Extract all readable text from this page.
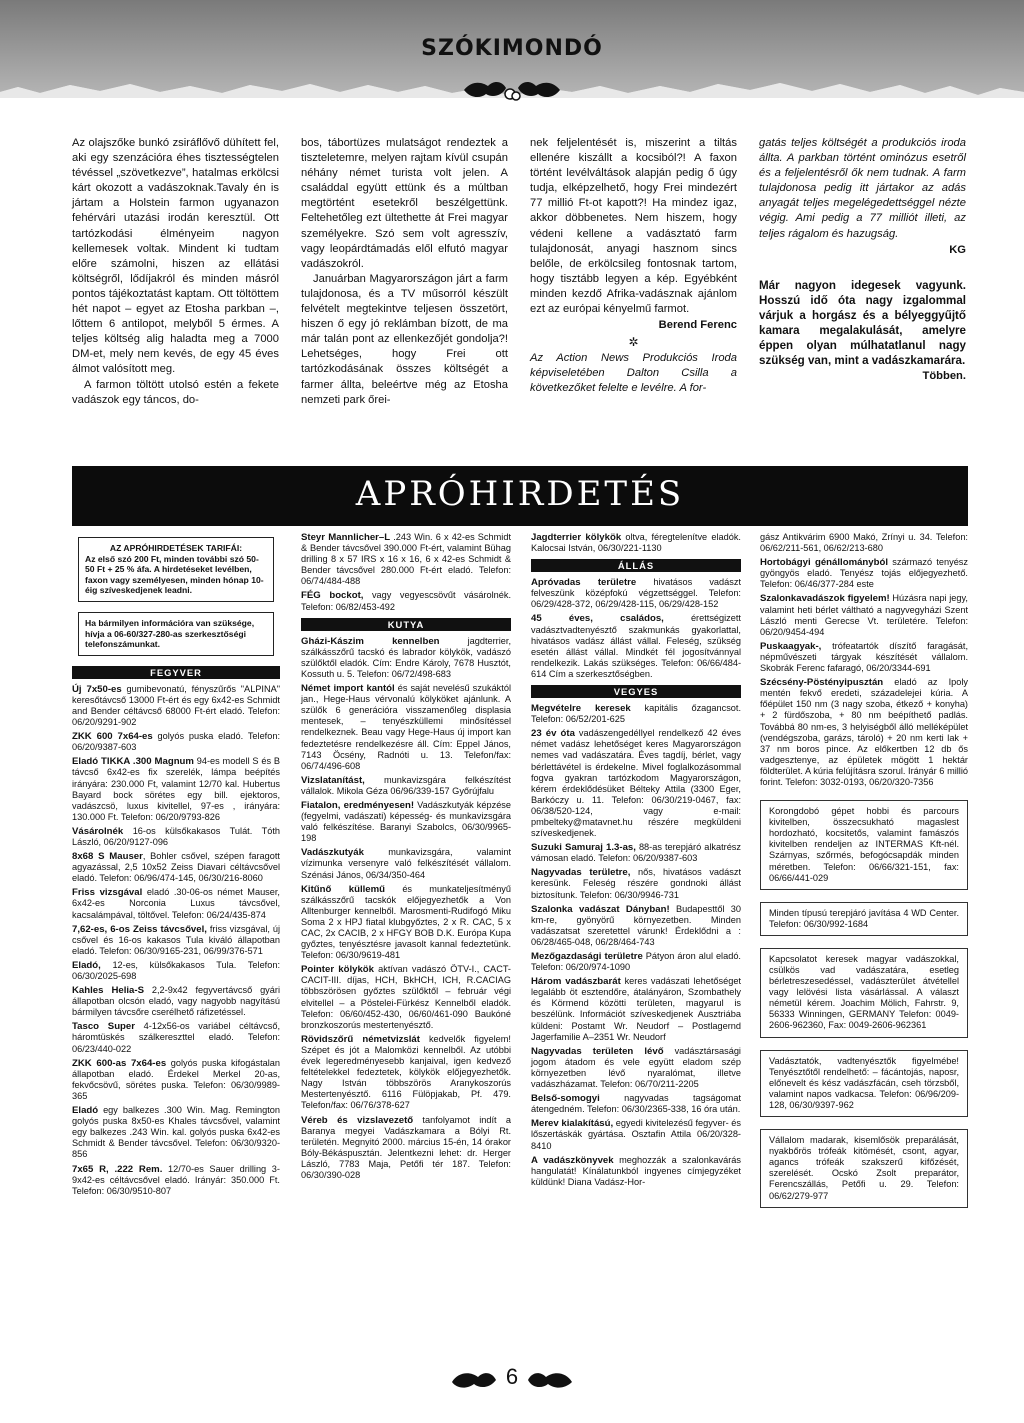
SZÓKIMONDÓ

Az olajszőke bunkó zsiráflővő dühített fel, aki egy szenzációra éhes tisztességtelen tévéssel „szövetkezve”, hatalmas erkölcsi kárt okozott a vadászoknak.Tavaly én is jártam a Holstein farmon ugyanazon fehérvári utazási irodán keresztül. Ott tartózkodási élményeim nagyon kellemesek voltak. Mindent ki tudtam előre számolni, hiszen az ellátási költségről, lődíjakról és minden másról pontos tájékoztatást kaptam. Ott töltöttem hét napot – egyet az Etosha parkban –, lőttem 6 antilopot, melyből 5 érmes. A teljes költség alig haladta meg a 7000 DM-et, mely nem kevés, de egy 45 éves álmot valósított meg.

A farmon töltött utolsó estén a fekete vadászok egy táncos, do-

bos, tábortüzes mulatságot rendeztek a tiszteletemre, melyen rajtam kívül csupán néhány német turista volt jelen. A családdal együtt ettünk és a múltban megtörtént esetekről beszélgettünk. Feltehetőleg ezt ültethette át Frei magyar személyekre. Szó sem volt agresszív, vagy leopárdtámadás elől elfutó magyar vadászokról.

Januárban Magyarországon járt a farm tulajdonosa, és a TV műsorról készült felvételt megtekintve teljesen összetört, hiszen ő egy jó reklámban bízott, de ma már talán pont az ellenkezőjét gondolja?! Lehetséges, hogy Frei ott tartózkodásának összes költségét a farmer állta, beleértve még az Etosha nemzeti park őrei-

nek feljelentését is, miszerint a tiltás ellenére kiszállt a kocsiból?! A faxon történt levélváltások alapján pedig ő úgy tudja, elképzelhető, hogy Frei mindezért 77 millió Ft-ot kapott?! Ha mindez igaz, akkor döbbenetes. Nem hiszem, hogy védeni kellene a vadásztató farm tulajdonosát, anyagi hasznom sincs belőle, de erkölcsileg fontosnak tartom, hogy tisztább legyen a kép. Egyébként minden kezdő Afrika-vadásznak ajánlom ezt az európai kényelmű farmot.

Berend Ferenc
✲

Az Action News Produkciós Iroda képviseletében Dalton Csilla a következőket felelte e levélre. A for-

gatás teljes költségét a produkciós iroda állta. A parkban történt ominózus esetről és a feljelentésről ők nem tudnak. A farm tulajdonosa pedig itt jártakor az adás anyagát teljes megelégedettséggel nézte végig. Ami pedig a 77 milliót illeti, az teljes rágalom és hazugság.

KG

Már nagyon idegesek vagyunk. Hosszú idő óta nagy izgalommal várjuk a horgász és a bélyeggyűjtő kamara megalakulását, amelyre éppen olyan múlhatatlanul nagy szükség van, mint a vadászkamarára.

Többen.
APRÓHIRDETÉS
AZ APRÓHIRDETÉSEK TARIFÁI:
Az első szó 200 Ft, minden további szó 50-50 Ft + 25 % áfa. A hirdetéseket levélben, faxon vagy személyesen, minden hónap 10-éig szíveskedjenek leadni.
Ha bármilyen információra van szüksége, hívja a 06-60/327-280-as szerkesztőségi telefonszámunkat.
FEGYVER
Új 7x50-es gumibevonatú, fényszűrős "ALPINA" keresőtávcső 13000 Ft-ért és egy 6x42-es Schmidt and Bender céltávcső 68000 Ft-ért eladó. Telefon: 06/20/9291-902
ZKK 600 7x64-es golyós puska eladó. Telefon: 06/20/9387-603
Eladó TIKKA .300 Magnum 94-es modell S és B távcső 6x42-es fix szerelék, lámpa beépítés irányára: 230.000 Ft, valamint 12/70 kal. Hubertus Bayard bock sörétes egy bill. ejektoros, vadászcsö, luxus kivitellel, 97-es , irányára: 130.000 Ft. Telefon: 06/20/9793-826
Vásárolnék 16-os külsőkakasos Tulát. Tóth László, 06/20/9127-096
8x68 S Mauser, Bohler csővel, szépen faragott agyazással, 2,5 10x52 Zeiss Diavari céltávcsővel eladó. Telefon: 06/96/474-145, 06/30/216-8060
Friss vizsgával eladó .30-06-os német Mauser, 6x42-es Norconia Luxus távcsővel, kacsalámpával, töltővel. Telefon: 06/24/435-874
7,62-es, 6-os Zeiss távcsővel, friss vizsgával, új csővel és 16-os kakasos Tula kiváló állapotban eladó. Telefon: 06/30/9165-231, 06/99/376-571
Eladó, 12-es, külsőkakasos Tula. Telefon: 06/30/2025-698
Kahles Helia-S 2,2-9x42 fegyvertávcső gyári állapotban olcsón eladó, vagy nagyobb nagyítású bármilyen távcsőre cserélhető ráfizetéssel.
Tasco Super 4-12x56-os variábel céltávcső, háromtüskés szálkereszttel eladó. Telefon: 06/23/440-022
ZKK 600-as 7x64-es golyós puska kifogástalan állapotban eladó. Érdekel Merkel 20-as, fekvőcsövű, sörétes puska. Telefon: 06/30/9989-365
Eladó egy balkezes .300 Win. Mag. Remington golyós puska 8x50-es Khales távcsővel, valamint egy balkezes .243 Win. kal. golyós puska 6x42-es Schmidt & Bender távcsővel. Telefon: 06/30/9320-856
7x65 R, .222 Rem. 12/70-es Sauer drilling 3-9x42-es céltávcsővel eladó. Irányár: 350.000 Ft. Telefon: 06/30/9510-807
Steyr Mannlicher–L .243 Win. 6 x 42-es Schmidt & Bender távcsővel 390.000 Ft-ért, valamint Bühag drilling 8 x 57 IRS x 16 x 16, 6 x 42-es Schmidt & Bender távcsővel 280.000 Ft-ért eladó. Telefon: 06/74/484-488
FÉG bockot, vagy vegyescsövűt vásárolnék. Telefon: 06/82/453-492
KUTYA
Gházi-Kászim kennelben jagdterrier, szálkásszőrű tacskó és labrador kölykök, vadászó szülőktől eladók. Cím: Endre Károly, 7678 Husztót, Kossuth u. 5. Telefon: 06/72/498-683
Német import kantól és saját nevelésű szukáktól jan., Hege-Haus vérvonalú kölyköket ajánlunk. A szülők 6 generációra visszamenőleg displasia mentesek, – tenyészküllemi minősítéssel rendelkeznek. Beau vagy Hege-Haus új import kan fedeztetésre rendelkezésre áll. Cím: Eppel János, 7143 Öcsény, Radnóti u. 13. Telefon/fax: 06/74/496-608
Vizslatanítást, munkavizsgára felkészítést vállalok. Mikola Géza 06/96/339-157 Győrújfalu
Fiatalon, eredményesen! Vadászkutyák képzése (fegyelmi, vadászati) képesség- és munkavizsgára való felkészítése. Baranyi Szabolcs, 06/30/9965-198
Vadászkutyák munkavizsgára, valamint vízimunka versenyre való felkészítését vállalom. Szénási János, 06/34/350-464
Kitűnő küllemű és munkateljesítményű szálkásszőrű tacskók előjegyezhetők a Von Alltenburger kennelből. Marosmenti-Rudifogó Miku Soma 2 x HPJ fiatal klubgyőztes, 2 x R. CAC, 5 x CAC, 2x CACIB, 2 x HFGY BOB D.K. Európa Kupa győztes, tenyésztésre javasolt kannal fedeztetünk. Telefon: 06/30/9619-481
Pointer kölykök aktívan vadászó ÖTV-I., CACT-CACIT-III. díjas, HCH, BkHCH, ICH, R.CACIAG többszörösen győztes szülőktől – február végi elvitellel – a Pöstelei-Fürkész Kennelből eladók. Telefon: 06/60/452-430, 06/60/461-090 Baukóné bronzkoszorús mestertenyésztő.
Rövidszőrű németvizslát kedvelők figyelem! Szépet és jót a Malomközi kennelből. Az utóbbi évek legeredményesebb kanjaival, igen kedvező feltételekkel fedeztetek, kölykök előjegyezhetők. Nagy István többszörös Aranykoszorús Mestertenyésztő. 6116 Fülöpjakab, Pf. 479. Telefon/fax: 06/76/378-627
Véreb és vizslavezető tanfolyamot indít a Baranya megyei Vadászkamara a Bólyi Rt. területén. Megnyitó 2000. március 15-én, 14 órakor Bóly-Békáspusztán. Jelentkezni lehet: dr. Herger László, 7783 Maja, Petőfi tér 187. Telefon: 06/30/390-028
Jagdterrier kölykök oltva, féregtelenítve eladók. Kalocsai István, 06/30/221-1130
ÁLLÁS
Apróvadas területre hivatásos vadászt felveszünk középfokú végzettséggel. Telefon: 06/29/428-372, 06/29/428-115, 06/29/428-152
45 éves, családos, érettségizett vadásztvadtenyésztő szakmunkás gyakorlattal, hivatásos vadász állást vállal. Feleség, szükség esetén állást vállal. Mindkét fél jogosítvánnyal rendelkezik. Lakás szükséges. Telefon: 06/66/484-614 Cím a szerkesztőségben.
VEGYES
Megvételre keresek kapitális őzagancsot. Telefon: 06/52/201-625
23 év óta vadászengedéllyel rendelkező 42 éves német vadász lehetőséget keres Magyarországon nemes vad vadászatára. Éves tagdíj, bérlet, vagy bérlettávétel is érdekelne. Mivel foglalkozásommal fogva gyakran tartózkodom Magyarországon, kérem érdeklődésüket Bélteky Attila (3300 Eger, Barkóczy u. 11. Telefon: 06/30/219-0467, fax: 06/38/520-124, vagy e-mail: pmbelteky@matavnet.hu részére megküldeni szíveskedjenek.
Suzuki Samuraj 1.3-as, 88-as terepjáró alkatrész vámosan eladó. Telefon: 06/20/9387-603
Nagyvadas területre, nős, hivatásos vadászt keresünk. Feleség részére gondnoki állást biztosítunk. Telefon: 06/30/9946-731
Szalonka vadászat Dányban! Budapesttől 30 km-re, gyönyörű környezetben. Minden vadászatsat szeretettel várunk! Érdeklődni a : 06/28/465-048, 06/28/464-743
Mezőgazdasági területre Pátyon áron alul eladó. Telefon: 06/20/974-1090
Három vadászbarát keres vadászati lehetőséget legalább öt esztendőre, átalányáron, Szombathely és Körmend közötti területen, magyarul is beszélünk. Információt szíveskedjenek Ausztriába küldeni: Postamt Wr. Neudorf – Postlagernd Jagerfamilie A–2351 Wr. Neudorf
Nagyvadas területen lévő vadásztársasági jogom átadom és vele együtt eladom szép környezetben lévő nyaralómat, illetve vadászházamat. Telefon: 06/70/211-2205
Belső-somogyi nagyvadas tagságomat átengedném. Telefon: 06/30/2365-338, 16 óra után.
Merev kialakítású, egyedi kivitelezésű fegyver- és lőszertáskák gyártása. Osztafin Attila 06/20/328-8410
A vadászkönyvek meghozzák a szalonkavárás hangulatát! Kínálatunkból ingyenes címjegyzéket küldünk! Diana Vadász-Hor-
gász Antikvárim 6900 Makó, Zrínyi u. 34. Telefon: 06/62/211-561, 06/62/213-680
Hortobágyi génállományból származó tenyész gyöngyös eladó. Tenyész tojás előjegyezhető. Telefon: 06/46/377-284 este
Szalonkavadászok figyelem! Húzásra napi jegy, valamint heti bérlet váltható a nagyvegyházi Szent László menti Gerecse Vt. területére. Telefon: 06/20/9454-494
Puskaagyak-, trófeatartók díszítő faragását, népművészeti tárgyak készítését vállalom. Skobrák Ferenc fafaragó, 06/20/3344-691
Szécsény-Pöstényipusztán eladó az Ipoly mentén fekvő eredeti, századelejei kúria. A főépület 150 nm (3 nagy szoba, étkező + konyha) + 2 fürdőszoba, + 80 nm beépíthető padlás. Továbbá 80 nm-es, 3 helyiségből álló melléképület (vendégszoba, garázs, tároló) + 20 nm kerti lak + 37 nm boros pince. Az előkertben 12 db ős vadgesztenye, az épületek mögött 1 hektár földterület. A kúria felújításra szorul. Irányár 6 millió forint. Telefon: 3032-0193, 06/20/320-7356
Korongdobó gépet hobbi és parcours kivitelben, összecsukható magaslest hordozható, kocsitetős, valamint famászós kivitelben rendeljen az INTERMAS Kft-nél. Szárnyas, szőrmés, befogócsapdák minden méretben. Telefon: 06/66/321-151, fax: 06/66/441-029
Minden típusú terepjáró javítása 4 WD Center. Telefon: 06/30/992-1684
Kapcsolatot keresek magyar vadászokkal, csülkös vad vadászatára, esetleg bérletreszesedéssel, vadászterület átvétellel vagy lelövési lista vásárlással. A választ németül kérem. Joachim Mölich, Fahrstr. 9, 56333 Winningen, GERMANY Telefon: 0049-2606-962360, Fax: 0049-2606-962361
Vadásztatók, vadtenyésztők figyelmébe! Tenyésztőtől rendelhető: – fácántojás, naposr, előnevelt és kész vadászfácán, cseh törzsből, valamint napos vadkacsa. Telefon: 06/96/209-128, 06/30/9397-962
Vállalom madarak, kisemlősök preparálását, nyakbőrös trófeák kitömését, csont, agyar, agancs trófeák szakszerű kifőzését, szerelését. Ocskó Zsolt preparátor, Ferencszállás, Petőfi u. 29. Telefon: 06/62/279-977
6
